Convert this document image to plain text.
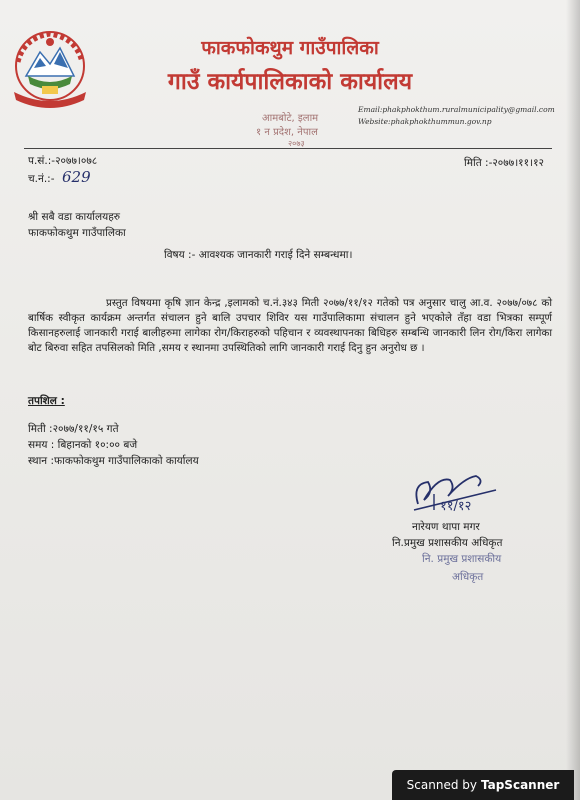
फाकफोकथुम गाउँपालिका
गाउँ कार्यपालिकाको कार्यालय
आमबोटे, इलाम
१ न प्रदेश, नेपाल
२०७३
Email:phakphokthum.ruralmunicipality@gmail.com
Website:phakphokthummun.gov.np
प.सं.:-२०७७।०७८
च.नं.:- 629
मिति :-२०७७।११।१२
श्री सबै वडा कार्यालयहरु
फाकफोकथुम गाउँपालिका
विषय :- आवश्यक जानकारी गराई दिने सम्बन्धमा।

प्रस्तुत विषयमा कृषि ज्ञान केन्द्र ,इलामको च.नं.३४३ मिती २०७७/११/१२ गतेको पत्र अनुसार चालु आ.व. २०७७/०७८ को बार्षिक स्वीकृत कार्यक्रम अन्तर्गत संचालन हुने बालि उपचार शिविर यस गाउँपालिकामा संचालन हुने भएकोले तँहा वडा भित्रका सम्पूर्ण किसानहरुलाई जानकारी गराई बालीहरुमा लागेका रोग/किराहरुको पहिचान र व्यवस्थापनका बिधिहरु सम्बन्धि जानकारी लिन रोग/किरा लागेका बोट बिरुवा सहित तपसिलको मिति ,समय र स्थानमा उपस्थितिको लागि जानकारी गराई दिनु हुन अनुरोध छ ।

तपशिल :
मिती :२०७७/११/१५ गते
समय : बिहानको १०:०० बजे
स्थान :फाकफोकथुम गाउँपालिकाको कार्यालय
११/१२
नारेयण थापा मगर
नि.प्रमुख प्रशासकीय अधिकृत
नि. प्रमुख प्रशासकीय
अधिकृत
Scanned by TapScanner
